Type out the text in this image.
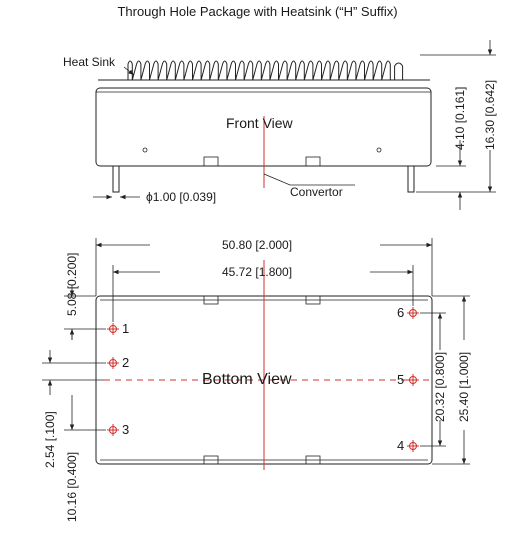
Through Hole Package with Heatsink (“H” Suffix)
Heat Sink
Front View
Convertor
ϕ1.00 [0.039]
4.10 [0.161] 16.30 [0.642]
50.80 [2.000]
45.72 [1.800]
Bottom View
1
2
3
6
5
4
5.08 [0.200]
2.54 [.100]
10.16 [0.400]
20.32 [0.800] 25.40 [1.000]
